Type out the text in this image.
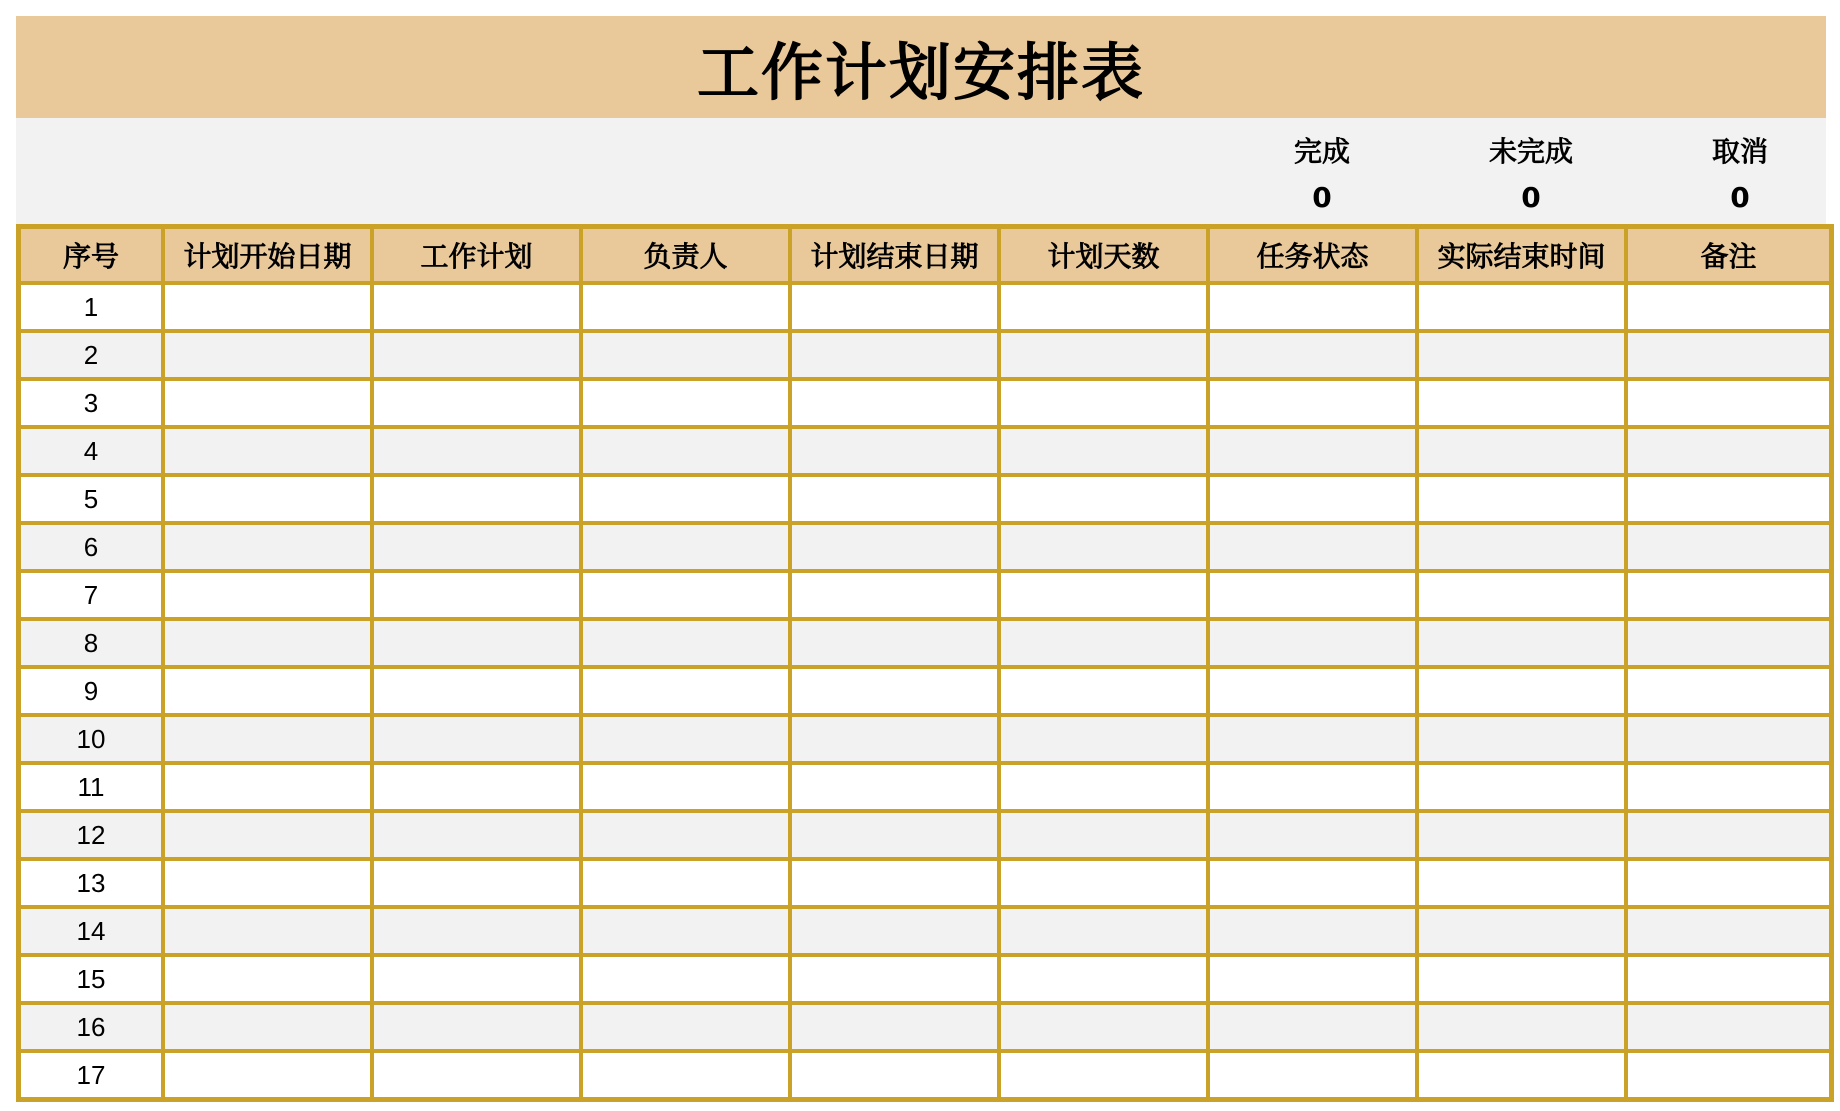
工作计划安排表
完成
0
未完成
0
取消
0
序号	计划开始日期	工作计划	负责人	计划结束日期	计划天数	任务状态	实际结束时间	备注
1								
2								
3								
4								
5								
6								
7								
8								
9								
10								
11								
12								
13								
14								
15								
16								
17								
